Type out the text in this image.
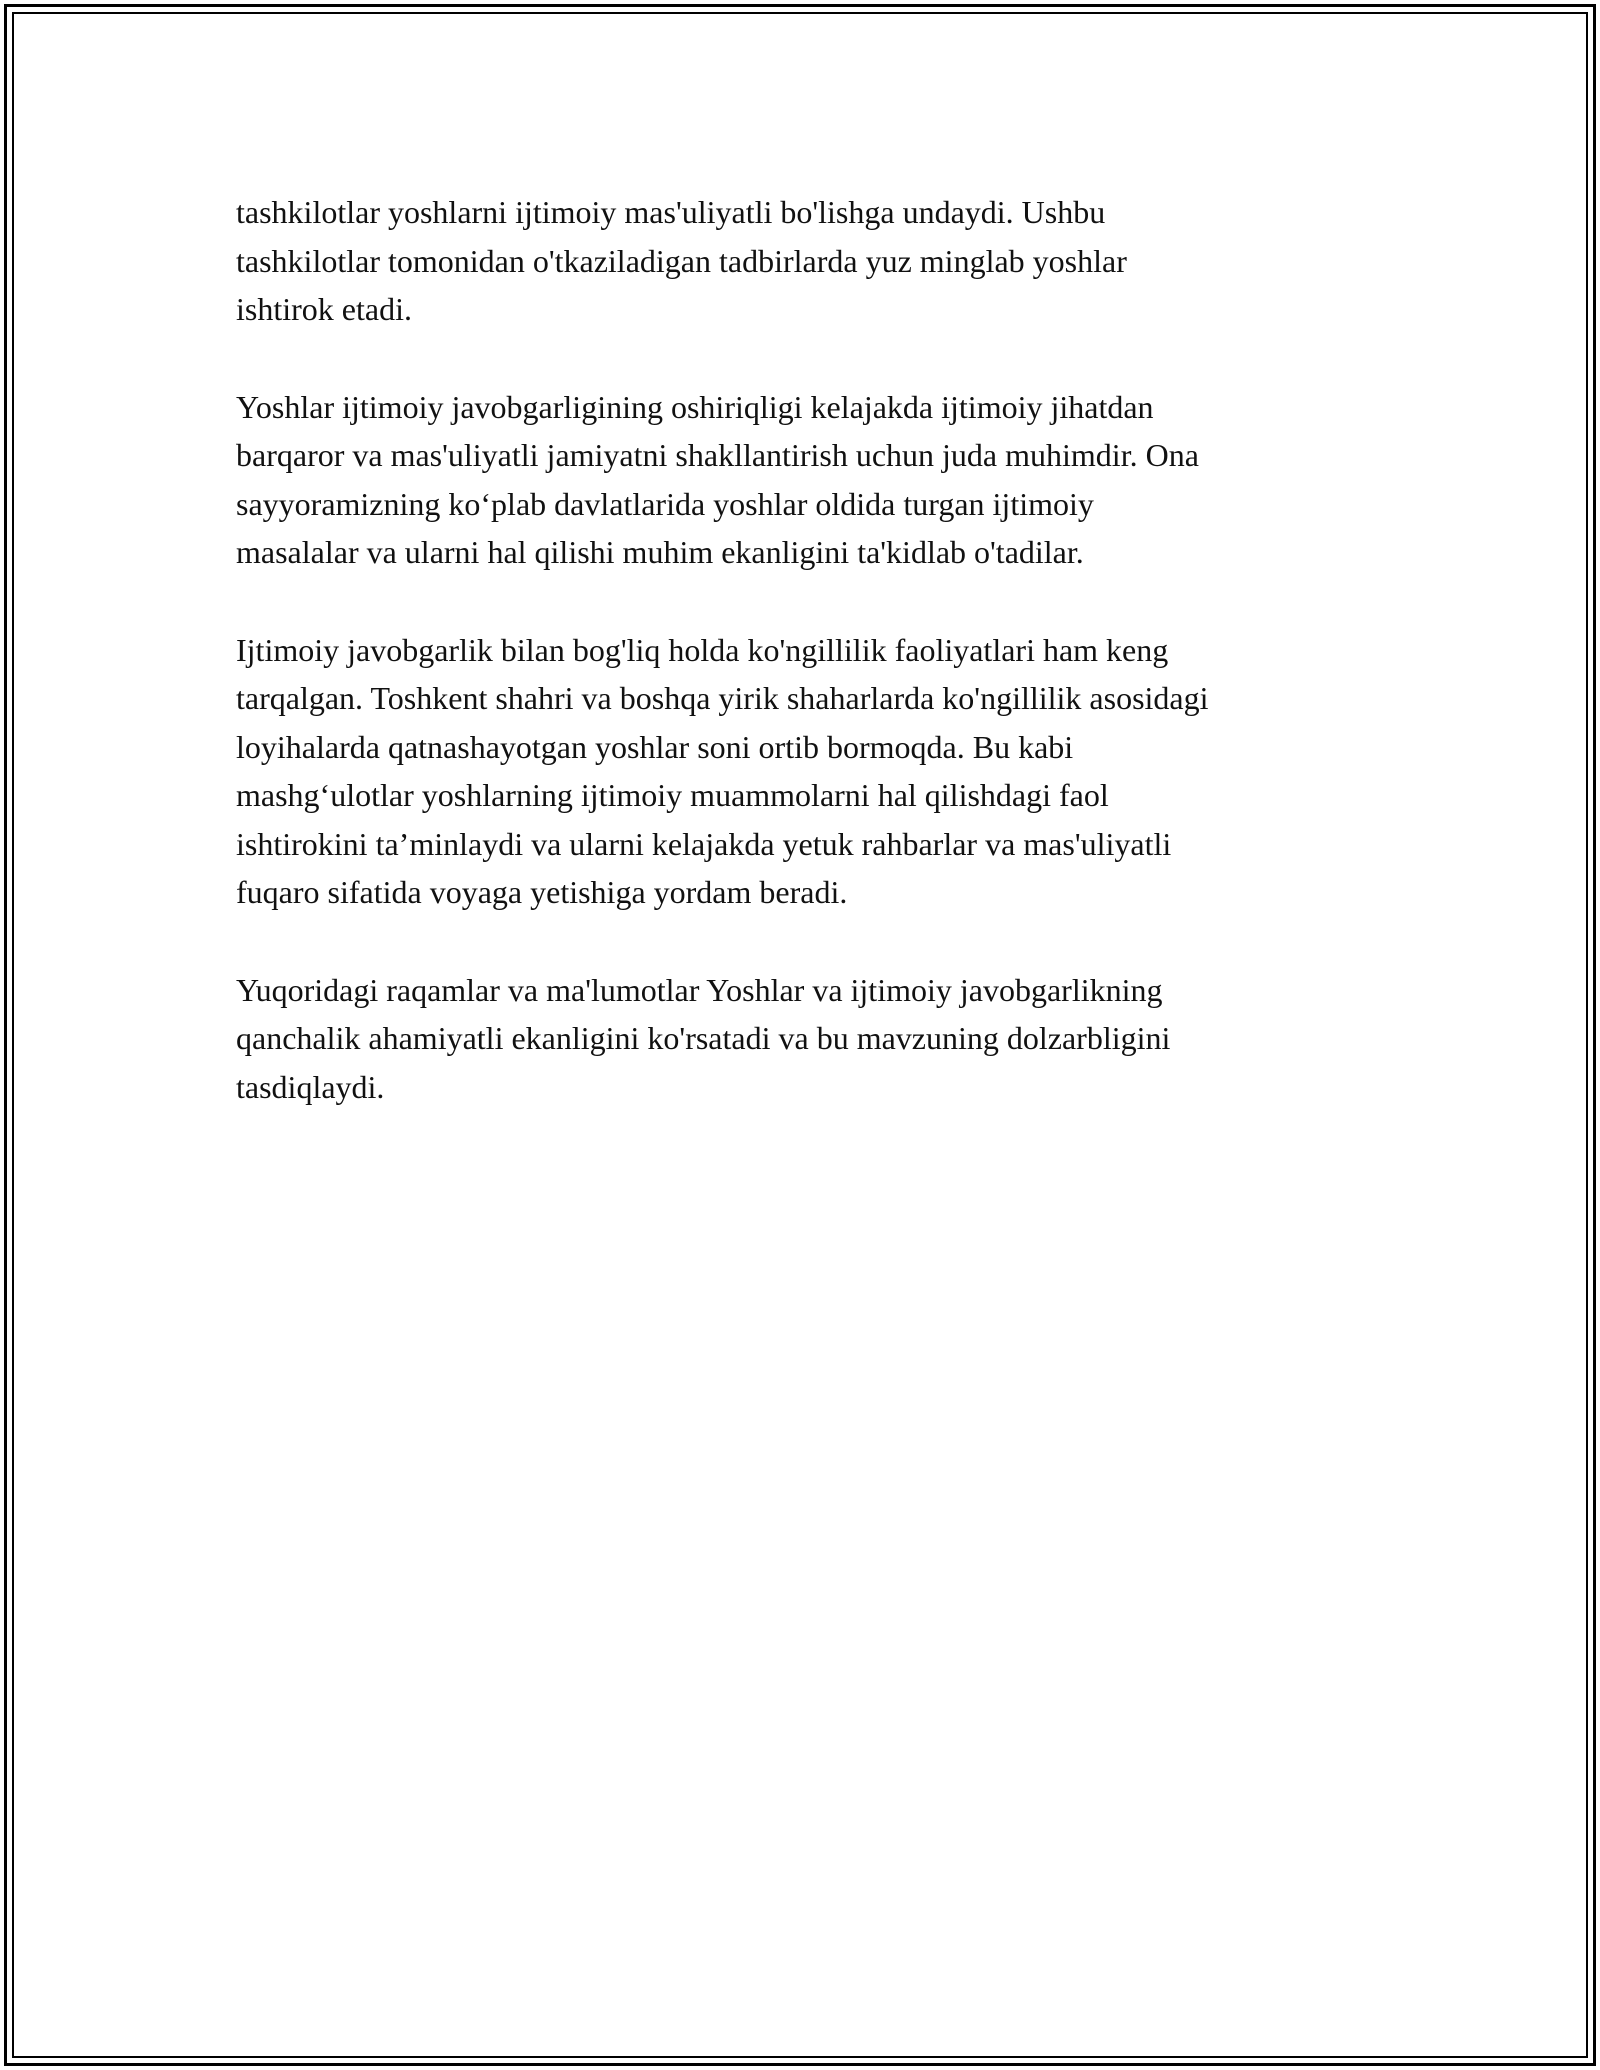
tashkilotlar yoshlarni ijtimoiy mas'uliyatli bo'lishga undaydi. Ushbu
tashkilotlar tomonidan o'tkaziladigan tadbirlarda yuz minglab yoshlar
ishtirok etadi.

Yoshlar ijtimoiy javobgarligining oshiriqligi kelajakda ijtimoiy jihatdan
barqaror va mas'uliyatli jamiyatni shakllantirish uchun juda muhimdir. Ona
sayyoramizning ko‘plab davlatlarida yoshlar oldida turgan ijtimoiy
masalalar va ularni hal qilishi muhim ekanligini ta'kidlab o'tadilar.

Ijtimoiy javobgarlik bilan bog'liq holda ko'ngillilik faoliyatlari ham keng
tarqalgan. Toshkent shahri va boshqa yirik shaharlarda ko'ngillilik asosidagi
loyihalarda qatnashayotgan yoshlar soni ortib bormoqda. Bu kabi
mashg‘ulotlar yoshlarning ijtimoiy muammolarni hal qilishdagi faol
ishtirokini ta’minlaydi va ularni kelajakda yetuk rahbarlar va mas'uliyatli
fuqaro sifatida voyaga yetishiga yordam beradi.

Yuqoridagi raqamlar va ma'lumotlar Yoshlar va ijtimoiy javobgarlikning
qanchalik ahamiyatli ekanligini ko'rsatadi va bu mavzuning dolzarbligini
tasdiqlaydi.
